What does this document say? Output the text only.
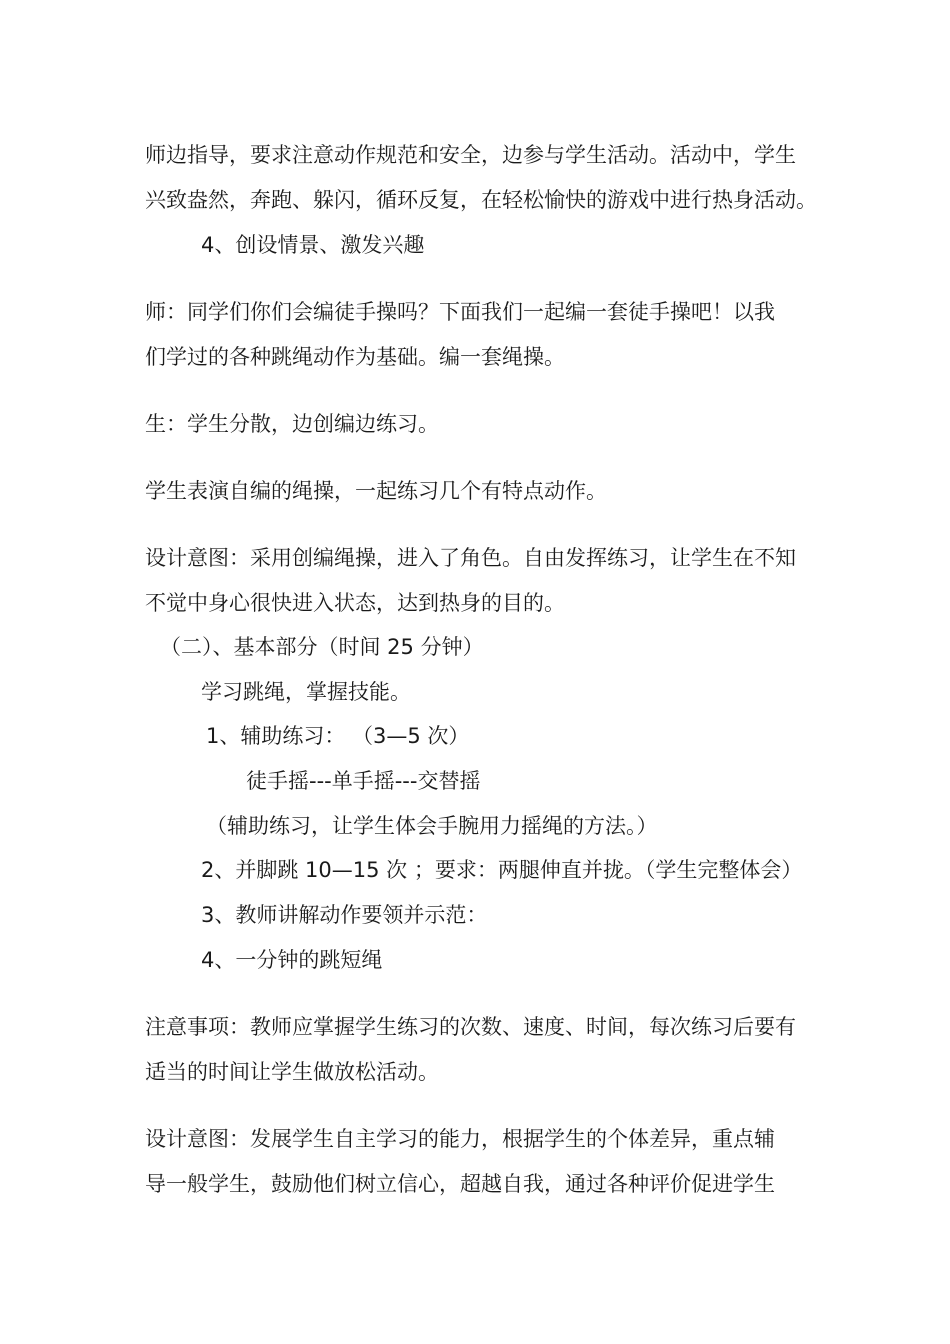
师边指导，要求注意动作规范和安全，边参与学生活动。活动中，学生
兴致盎然，奔跑、躲闪，循环反复，在轻松愉快的游戏中进行热身活动。
4、创设情景、激发兴趣
师：同学们你们会编徒手操吗？下面我们一起编一套徒手操吧！以我
们学过的各种跳绳动作为基础。编一套绳操。
生：学生分散，边创编边练习。
学生表演自编的绳操，一起练习几个有特点动作。
设计意图：采用创编绳操，进入了角色。自由发挥练习，让学生在不知
不觉中身心很快进入状态，达到热身的目的。
（二）、基本部分（时间 25 分钟）
学习跳绳，掌握技能。
1、辅助练习： （3—5 次）
徒手摇---单手摇---交替摇
（辅助练习，让学生体会手腕用力摇绳的方法。）
2、并脚跳 10—15 次 ；要求：两腿伸直并拢。（学生完整体会）
3、教师讲解动作要领并示范：
4、一分钟的跳短绳
注意事项：教师应掌握学生练习的次数、速度、时间，每次练习后要有
适当的时间让学生做放松活动。
设计意图：发展学生自主学习的能力，根据学生的个体差异，重点辅
导一般学生，鼓励他们树立信心，超越自我，通过各种评价促进学生
